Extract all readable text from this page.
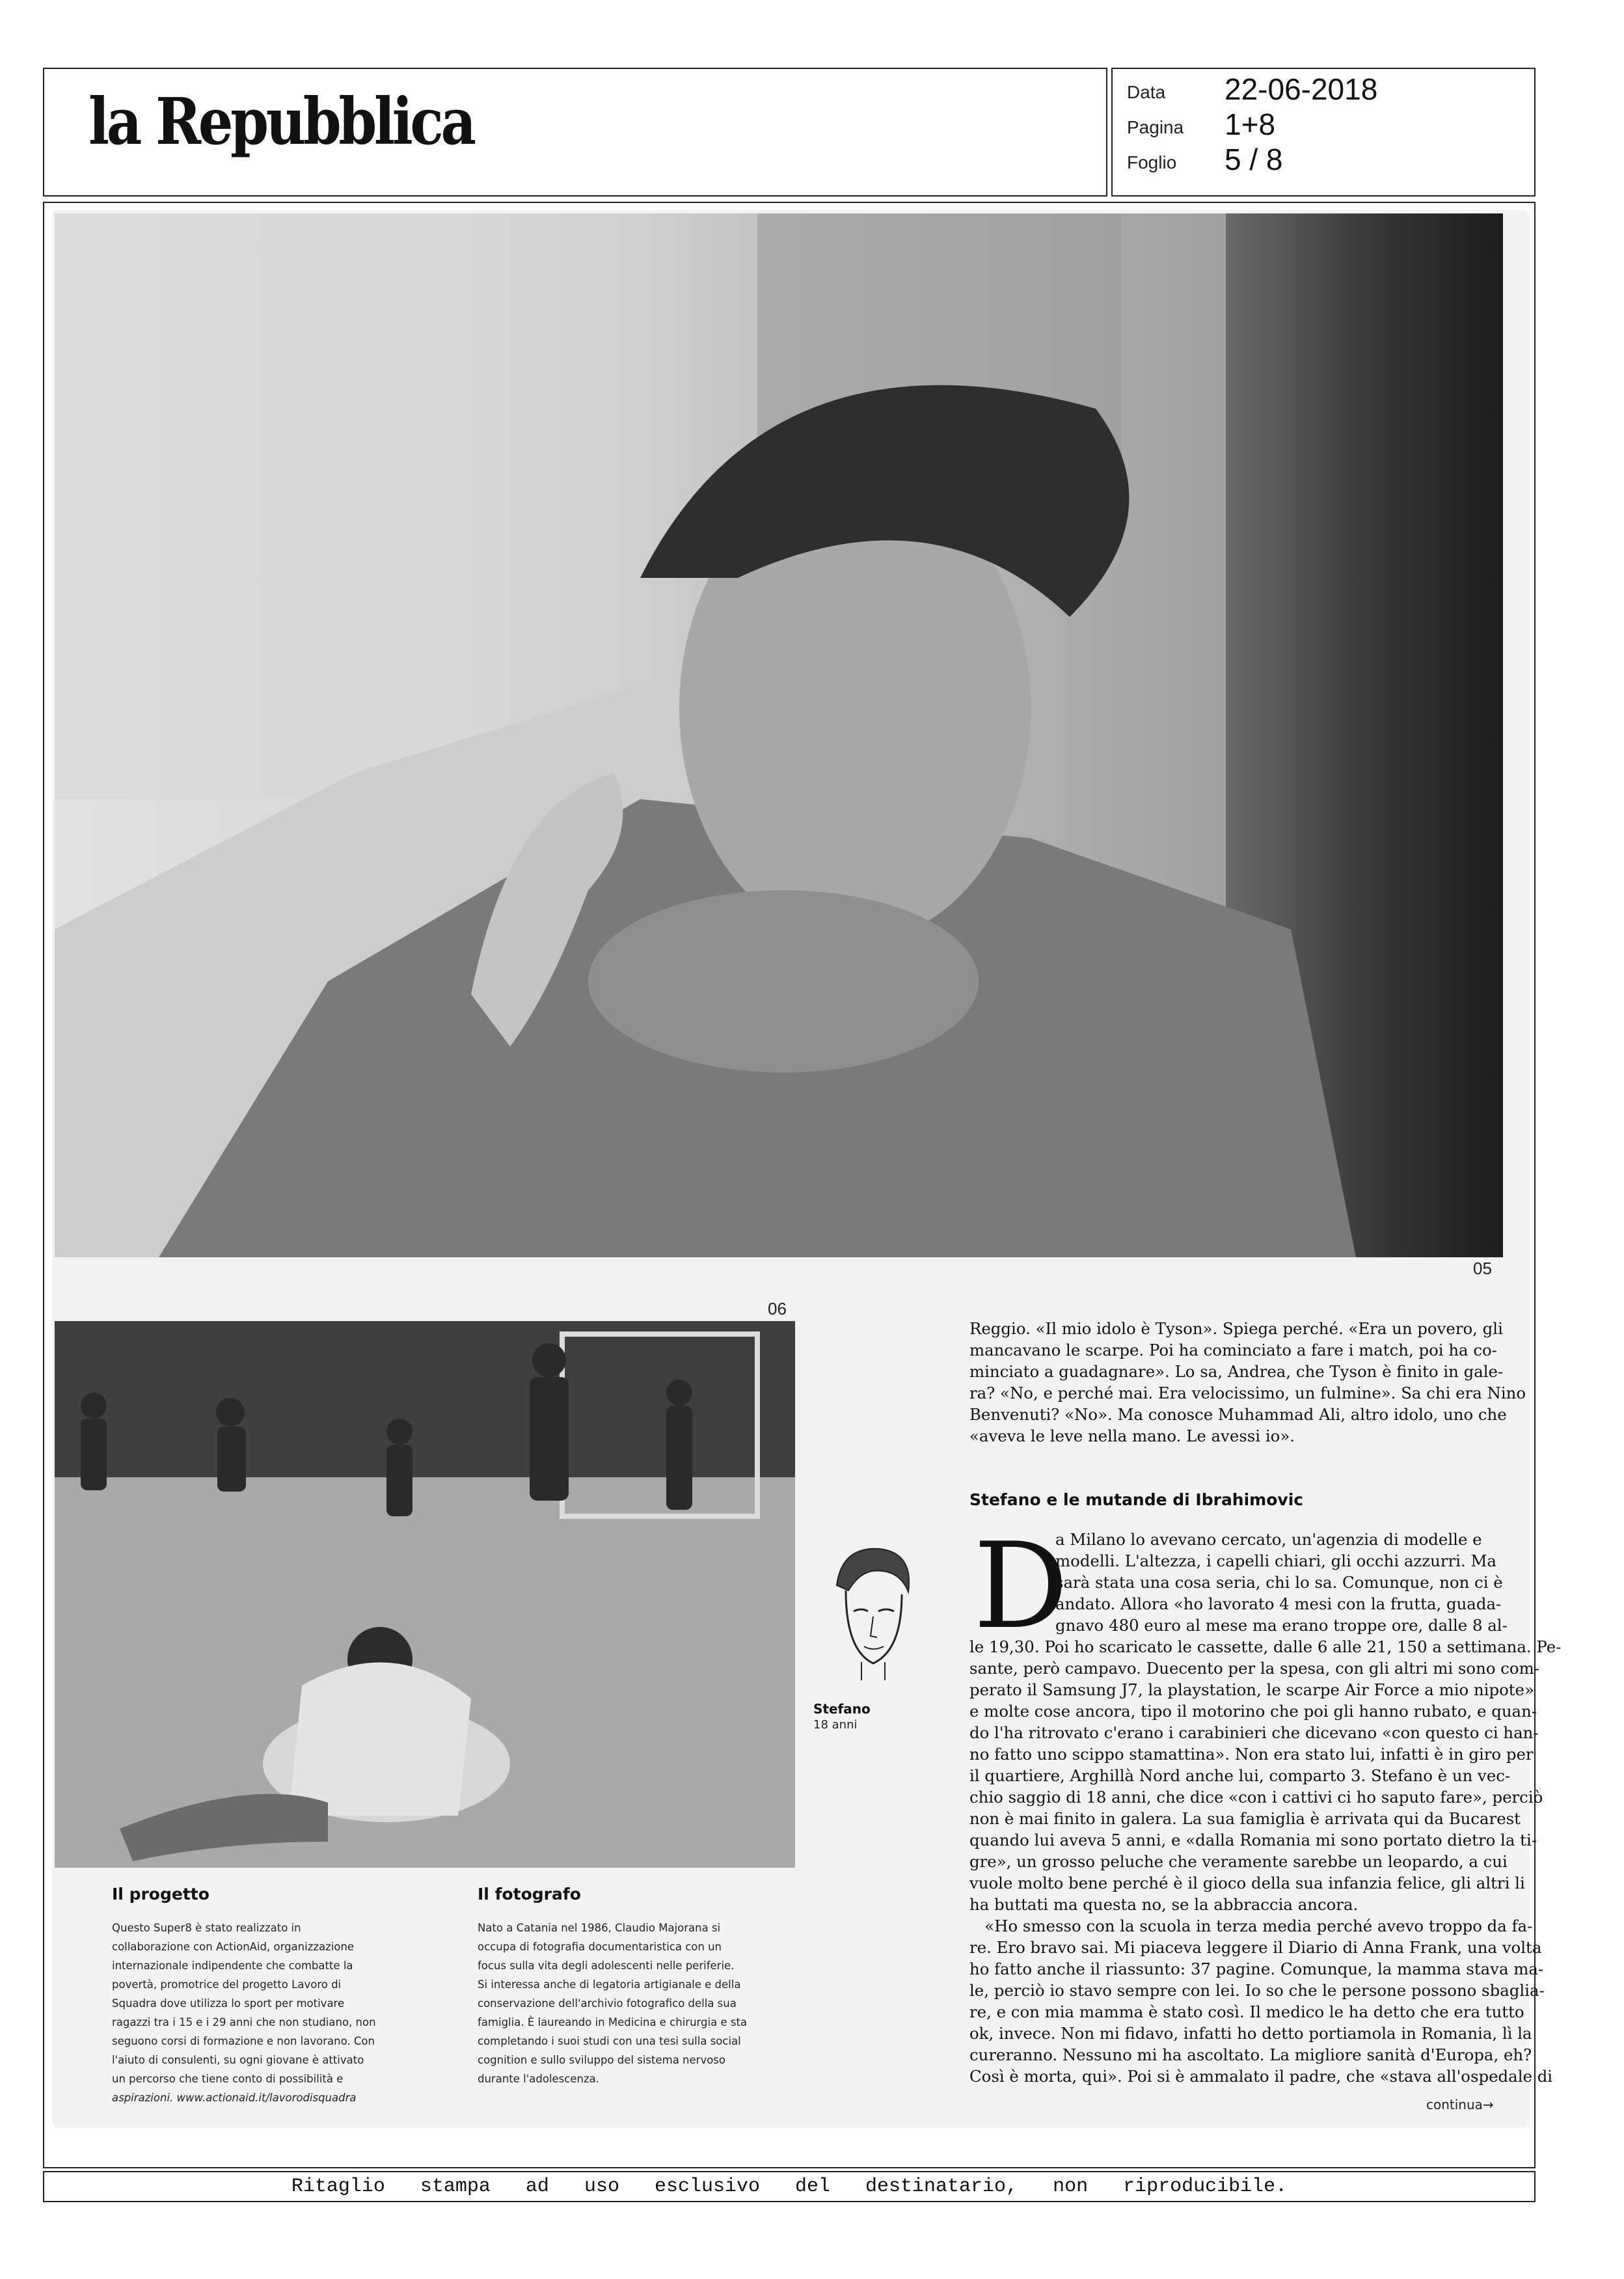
la Repubblica	Data 22-06-2018
Pagina 1+8
Foglio 5 / 8
05
06
Il progetto
Questo Super8 è stato realizzato in
collaborazione con ActionAid, organizzazione
internazionale indipendente che combatte la
povertà, promotrice del progetto Lavoro di
Squadra dove utilizza lo sport per motivare
ragazzi tra i 15 e i 29 anni che non studiano, non
seguono corsi di formazione e non lavorano. Con
l'aiuto di consulenti, su ogni giovane è attivato
un percorso che tiene conto di possibilità e
aspirazioni. www.actionaid.it/lavorodisquadra
Il fotografo
Nato a Catania nel 1986, Claudio Majorana si
occupa di fotografia documentaristica con un
focus sulla vita degli adolescenti nelle periferie.
Si interessa anche di legatoria artigianale e della
conservazione dell'archivio fotografico della sua
famiglia. È laureando in Medicina e chirurgia e sta
completando i suoi studi con una tesi sulla social
cognition e sullo sviluppo del sistema nervoso
durante l'adolescenza.
Stefano
18 anni
Reggio. «Il mio idolo è Tyson». Spiega perché. «Era un povero, gli
mancavano le scarpe. Poi ha cominciato a fare i match, poi ha co-
minciato a guadagnare». Lo sa, Andrea, che Tyson è finito in gale-
ra? «No, e perché mai. Era velocissimo, un fulmine». Sa chi era Nino
Benvenuti? «No». Ma conosce Muhammad Ali, altro idolo, uno che
«aveva le leve nella mano. Le avessi io».
Stefano e le mutande di Ibrahimovic
D
a Milano lo avevano cercato, un'agenzia di modelle e
modelli. L'altezza, i capelli chiari, gli occhi azzurri. Ma
sarà stata una cosa seria, chi lo sa. Comunque, non ci è
andato. Allora «ho lavorato 4 mesi con la frutta, guada-
gnavo 480 euro al mese ma erano troppe ore, dalle 8 al-
le 19,30. Poi ho scaricato le cassette, dalle 6 alle 21, 150 a settimana. Pe-
sante, però campavo. Duecento per la spesa, con gli altri mi sono com-
perato il Samsung J7, la playstation, le scarpe Air Force a mio nipote»
e molte cose ancora, tipo il motorino che poi gli hanno rubato, e quan-
do l'ha ritrovato c'erano i carabinieri che dicevano «con questo ci han-
no fatto uno scippo stamattina». Non era stato lui, infatti è in giro per
il quartiere, Arghillà Nord anche lui, comparto 3. Stefano è un vec-
chio saggio di 18 anni, che dice «con i cattivi ci ho saputo fare», perciò
non è mai finito in galera. La sua famiglia è arrivata qui da Bucarest
quando lui aveva 5 anni, e «dalla Romania mi sono portato dietro la ti-
gre», un grosso peluche che veramente sarebbe un leopardo, a cui
vuole molto bene perché è il gioco della sua infanzia felice, gli altri li
ha buttati ma questa no, se la abbraccia ancora.
«Ho smesso con la scuola in terza media perché avevo troppo da fa-
re. Ero bravo sai. Mi piaceva leggere il Diario di Anna Frank, una volta
ho fatto anche il riassunto: 37 pagine. Comunque, la mamma stava ma-
le, perciò io stavo sempre con lei. Io so che le persone possono sbaglia-
re, e con mia mamma è stato così. Il medico le ha detto che era tutto
ok, invece. Non mi fidavo, infatti ho detto portiamola in Romania, lì la
cureranno. Nessuno mi ha ascoltato. La migliore sanità d'Europa, eh?
Così è morta, qui». Poi si è ammalato il padre, che «stava all'ospedale di
continua→
Ritaglio   stampa   ad   uso   esclusivo   del   destinatario,   non   riproducibile.
